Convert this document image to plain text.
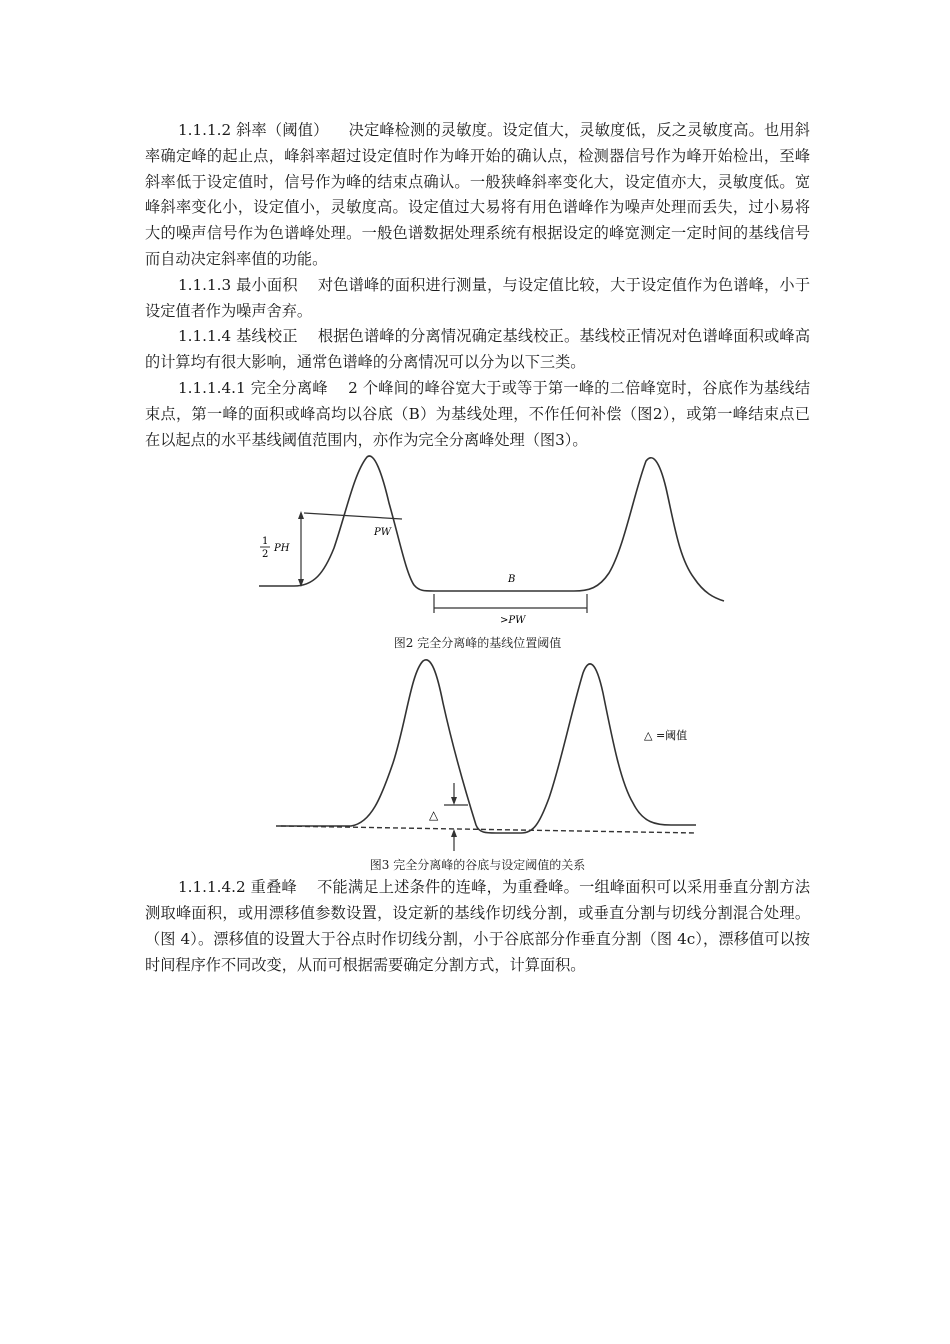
1.1.1.2 斜率（阈值） 决定峰检测的灵敏度。设定值大，灵敏度低，反之灵敏度高。也用斜率确定峰的起止点，峰斜率超过设定值时作为峰开始的确认点，检测器信号作为峰开始检出，至峰斜率低于设定值时，信号作为峰的结束点确认。一般狭峰斜率变化大，设定值亦大，灵敏度低。宽峰斜率变化小，设定值小，灵敏度高。设定值过大易将有用色谱峰作为噪声处理而丢失，过小易将大的噪声信号作为色谱峰处理。一般色谱数据处理系统有根据设定的峰宽测定一定时间的基线信号而自动决定斜率值的功能。

1.1.1.3 最小面积 对色谱峰的面积进行测量，与设定值比较，大于设定值作为色谱峰，小于设定值者作为噪声舍弃。

1.1.1.4 基线校正 根据色谱峰的分离情况确定基线校正。基线校正情况对色谱峰面积或峰高的计算均有很大影响，通常色谱峰的分离情况可以分为以下三类。

1.1.1.4.1 完全分离峰 2 个峰间的峰谷宽大于或等于第一峰的二倍峰宽时，谷底作为基线结束点，第一峰的面积或峰高均以谷底（B）为基线处理，不作任何补偿（图2），或第一峰结束点已在以起点的水平基线阈值范围内，亦作为完全分离峰处理（图3）。

1
2
PH
PW
B
>PW

图2 完全分离峰的基线位置阈值

△
△ =阈值

图3 完全分离峰的谷底与设定阈值的关系

1.1.1.4.2 重叠峰 不能满足上述条件的连峰，为重叠峰。一组峰面积可以采用垂直分割方法测取峰面积，或用漂移值参数设置，设定新的基线作切线分割，或垂直分割与切线分割混合处理。（图 4）。漂移值的设置大于谷点时作切线分割，小于谷底部分作垂直分割（图 4c），漂移值可以按时间程序作不同改变，从而可根据需要确定分割方式，计算面积。
